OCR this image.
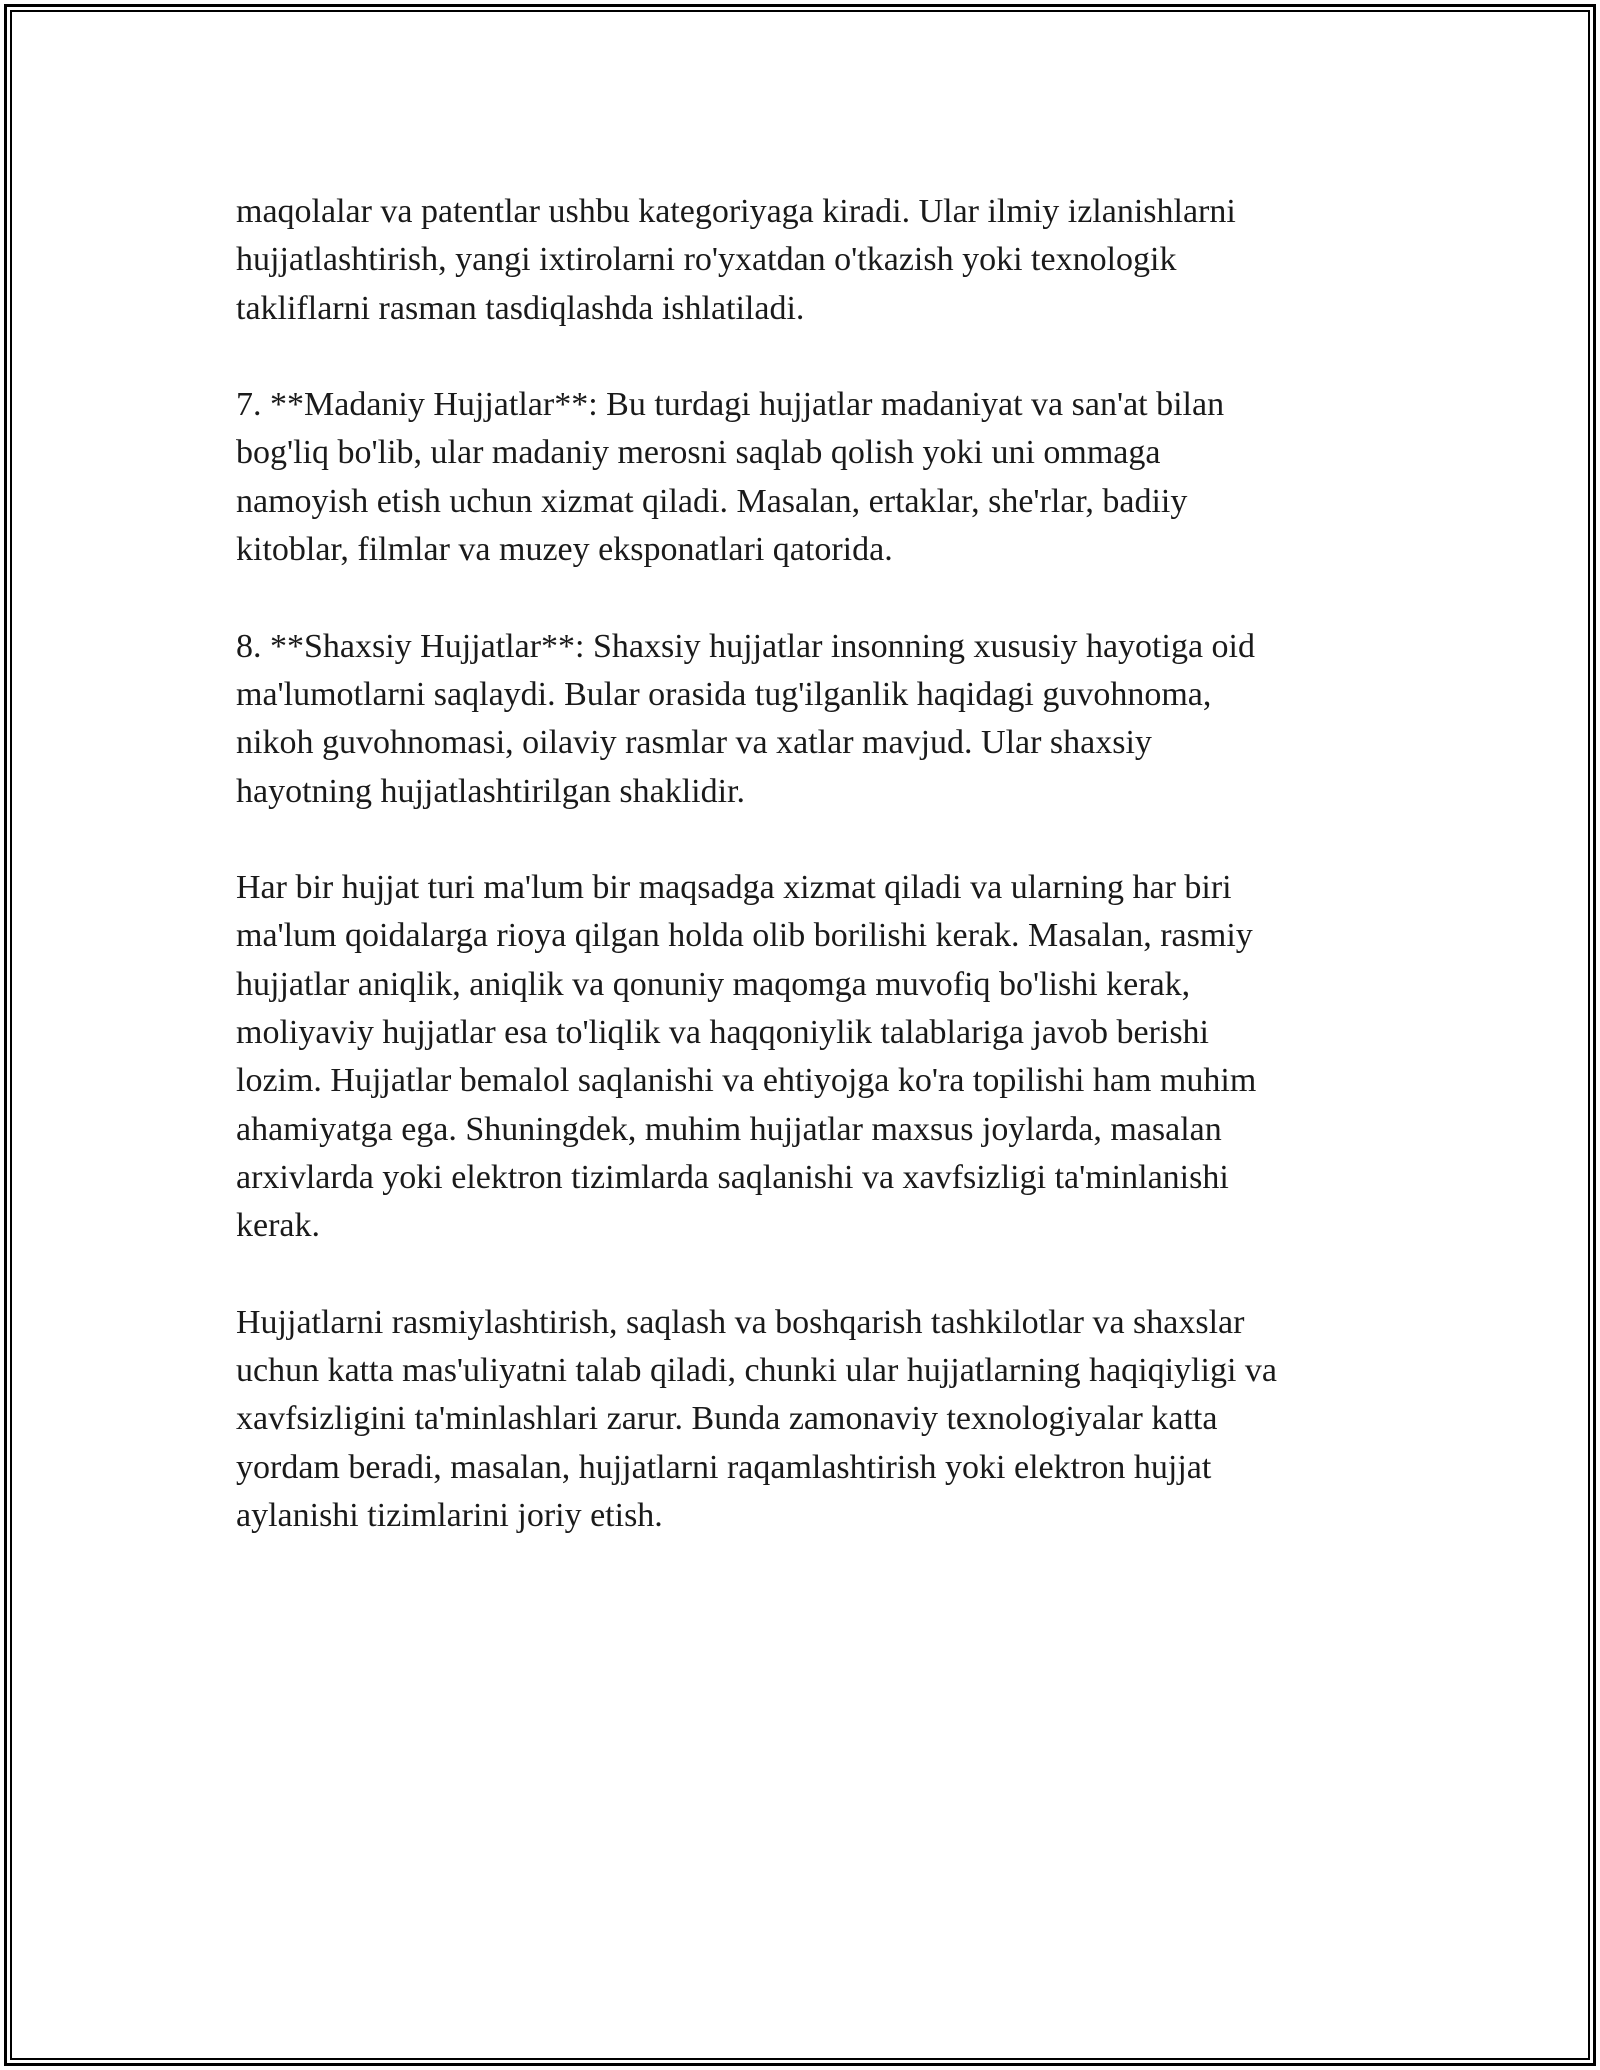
maqolalar va patentlar ushbu kategoriyaga kiradi. Ular ilmiy izlanishlarni
hujjatlashtirish, yangi ixtirolarni ro'yxatdan o'tkazish yoki texnologik
takliflarni rasman tasdiqlashda ishlatiladi.

7. **Madaniy Hujjatlar**: Bu turdagi hujjatlar madaniyat va san'at bilan
bog'liq bo'lib, ular madaniy merosni saqlab qolish yoki uni ommaga
namoyish etish uchun xizmat qiladi. Masalan, ertaklar, she'rlar, badiiy
kitoblar, filmlar va muzey eksponatlari qatorida.

8. **Shaxsiy Hujjatlar**: Shaxsiy hujjatlar insonning xususiy hayotiga oid
ma'lumotlarni saqlaydi. Bular orasida tug'ilganlik haqidagi guvohnoma,
nikoh guvohnomasi, oilaviy rasmlar va xatlar mavjud. Ular shaxsiy
hayotning hujjatlashtirilgan shaklidir.

Har bir hujjat turi ma'lum bir maqsadga xizmat qiladi va ularning har biri
ma'lum qoidalarga rioya qilgan holda olib borilishi kerak. Masalan, rasmiy
hujjatlar aniqlik, aniqlik va qonuniy maqomga muvofiq bo'lishi kerak,
moliyaviy hujjatlar esa to'liqlik va haqqoniylik talablariga javob berishi
lozim. Hujjatlar bemalol saqlanishi va ehtiyojga ko'ra topilishi ham muhim
ahamiyatga ega. Shuningdek, muhim hujjatlar maxsus joylarda, masalan
arxivlarda yoki elektron tizimlarda saqlanishi va xavfsizligi ta'minlanishi
kerak.

Hujjatlarni rasmiylashtirish, saqlash va boshqarish tashkilotlar va shaxslar
uchun katta mas'uliyatni talab qiladi, chunki ular hujjatlarning haqiqiyligi va
xavfsizligini ta'minlashlari zarur. Bunda zamonaviy texnologiyalar katta
yordam beradi, masalan, hujjatlarni raqamlashtirish yoki elektron hujjat
aylanishi tizimlarini joriy etish.
